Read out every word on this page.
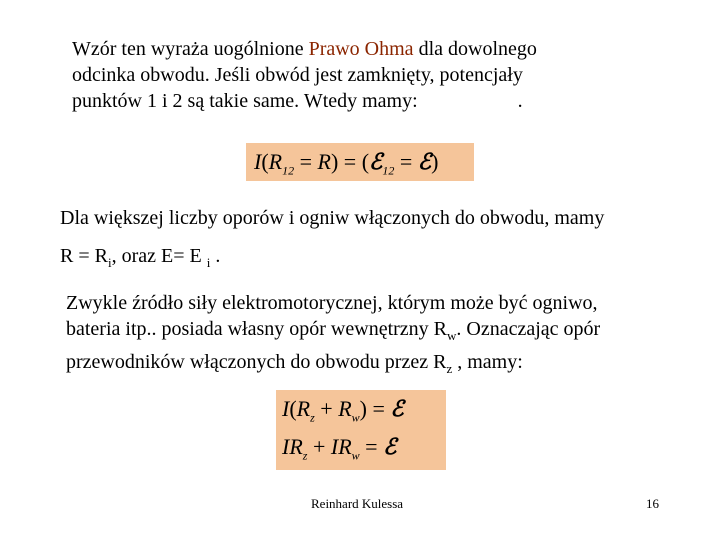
Wzór ten wyraża uogólnione Prawo Ohma dla dowolnego
odcinka obwodu. Jeśli obwód jest zamknięty, potencjały
punktów 1 i 2 są takie same. Wtedy mamy:                    .
$I(R_{12} = R)$ = (ℰ$_{12}$ = ℰ)
Dla większej liczby oporów i ogniw włączonych do obwodu, mamy
$R = R_i$, oraz Ε= Ε $_i$ .
Zwykle źródło siły elektromotorycznej, którym może być ogniwo,
bateria itp.. posiada własny opór wewnętrzny $R_w$. Oznaczając opór
przewodników włączonych do obwodu przez $R_z$ , mamy:
$I(R_z + R_w)$ = ℰ
$IR_z + IR_w$ = ℰ
Reinhard Kulessa	16
